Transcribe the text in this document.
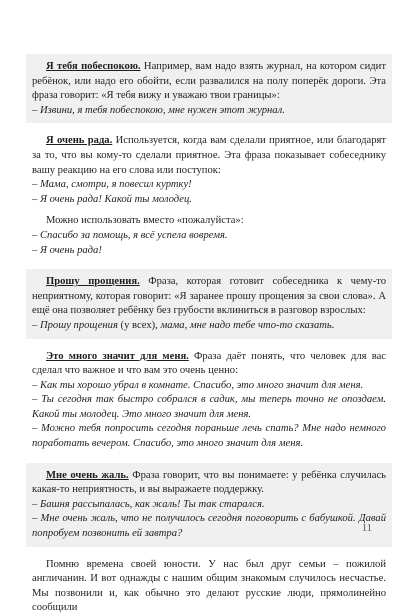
Я тебя побеспокою. Например, вам надо взять журнал, на котором сидит ребёнок, или надо его обойти, если развалился на полу поперёк дороги. Эта фраза говорит: «Я тебя вижу и уважаю твои границы»:

– Извини, я тебя побеспокою, мне нужен этот журнал.

Я очень рада. Используется, когда вам сделали приятное, или благодарят за то, что вы кому-то сделали приятное. Эта фраза показывает собеседнику вашу реакцию на его слова или поступок:

– Мама, смотри, я повесил куртку!

– Я очень рада! Какой ты молодец.

Можно использовать вместо «пожалуйста»:

– Спасибо за помощь, я всё успела вовремя.

– Я очень рада!

Прошу прощения. Фраза, которая готовит собеседника к чему-то неприятному, которая говорит: «Я заранее прошу прощения за свои слова». А ещё она позволяет ребёнку без грубости вклиниться в разговор взрослых:

– Прошу прощения (у всех), мама, мне надо тебе что-то сказать.

Это много значит для меня. Фраза даёт понять, что человек для вас сделал что важное и что вам это очень ценно:

– Как ты хорошо убрал в комнате. Спасибо, это много значит для меня.

– Ты сегодня так быстро собрался в садик, мы теперь точно не опоздаем. Какой ты молодец. Это много значит для меня.

– Можно тебя попросить сегодня пораньше лечь спать? Мне надо немного поработать вечером. Спасибо, это много значит для меня.

Мне очень жаль. Фраза говорит, что вы понимаете: у ребёнка случилась какая-то неприятность, и вы выражаете поддержку.

– Башня рассыпалась, как жаль! Ты так старался.

– Мне очень жаль, что не получилось сегодня поговорить с бабушкой. Давай попробуем позвонить ей завтра?

Помню времена своей юности. У нас был друг семьи – пожилой англичанин. И вот однажды с нашим общим знакомым случилось несчастье. Мы позвонили и, как обычно это делают русские люди, прямолинейно сообщили

11
